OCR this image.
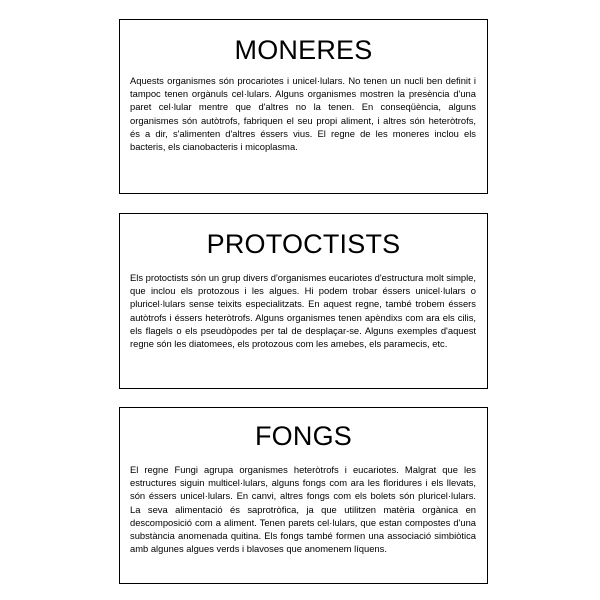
MONERES

Aquests organismes són procariotes i unicel·lulars. No tenen un nucli ben definit i tampoc tenen orgànuls cel·lulars. Alguns organismes mostren la presència d'una paret cel·lular mentre que d'altres no la tenen. En conseqüència, alguns organismes són autòtrofs, fabriquen el seu propi aliment, i altres són heteròtrofs, és a dir, s'alimenten d'altres éssers vius. El regne de les moneres inclou els bacteris, els cianobacteris i micoplasma.

PROTOCTISTS

Els protoctists són un grup divers d'organismes eucariotes d'estructura molt simple, que inclou els protozous i les algues. Hi podem trobar éssers unicel·lulars o pluricel·lulars sense teixits especialitzats. En aquest regne, també trobem éssers autòtrofs i éssers heteròtrofs. Alguns organismes tenen apèndixs com ara els cilis, els flagels o els pseudòpodes per tal de desplaçar-se. Alguns exemples d'aquest regne són les diatomees, els protozous com les amebes, els paramecis, etc.

FONGS

El regne Fungi agrupa organismes heteròtrofs i eucariotes. Malgrat que les estructures siguin multicel·lulars, alguns fongs com ara les floridures i els llevats, són éssers unicel·lulars. En canvi, altres fongs com els bolets són pluricel·lulars. La seva alimentació és saprotròfica, ja que utilitzen matèria orgànica en descomposició com a aliment. Tenen parets cel·lulars, que estan compostes d'una substància anomenada quitina. Els fongs també formen una associació simbiòtica amb algunes algues verds i blavoses que anomenem líquens.
